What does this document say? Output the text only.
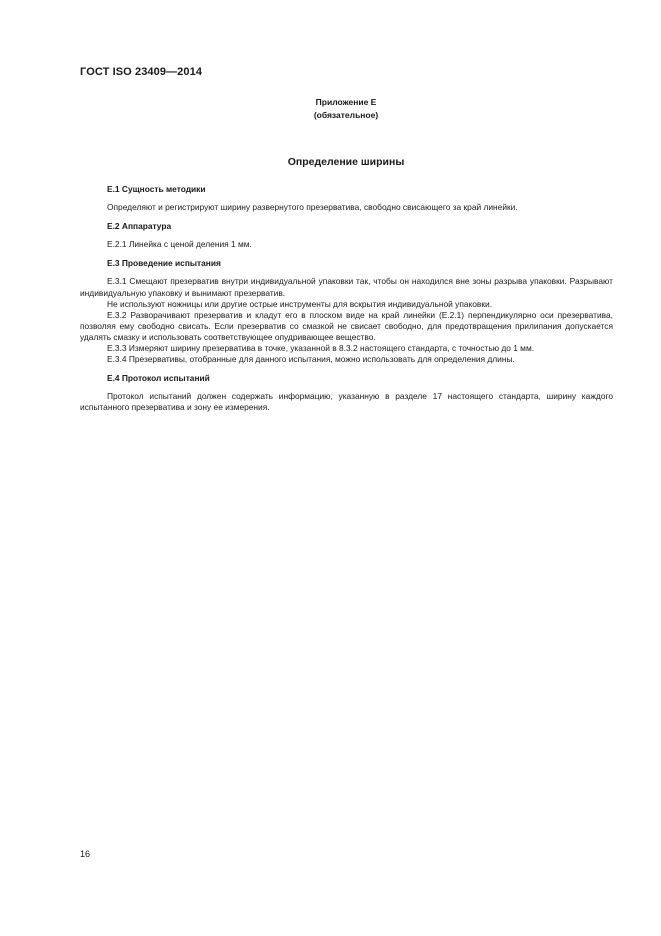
ГОСТ ISO 23409—2014
Приложение Е
(обязательное)
Определение ширины
Е.1 Сущность методики

Определяют и регистрируют ширину развернутого презерватива, свободно свисающего за край линейки.

Е.2 Аппаратура

Е.2.1 Линейка с ценой деления 1 мм.

Е.3 Проведение испытания

Е.3.1 Смещают презерватив внутри индивидуальной упаковки так, чтобы он находился вне зоны разрыва упаковки. Разрывают индивидуальную упаковку и вынимают презерватив.

Не используют ножницы или другие острые инструменты для вскрытия индивидуальной упаковки.

Е.3.2 Разворачивают презерватив и кладут его в плоском виде на край линейки (Е.2.1) перпендикулярно оси презерватива, позволяя ему свободно свисать. Если презерватив со смазкой не свисает свободно, для предотвращения прилипания допускается удалять смазку и использовать соответствующее опудривающее вещество.

Е.3.3 Измеряют ширину презерватива в точке, указанной в 8.3.2 настоящего стандарта, с точностью до 1 мм.

Е.3.4 Презервативы, отобранные для данного испытания, можно использовать для определения длины.

Е.4 Протокол испытаний

Протокол испытаний должен содержать информацию, указанную в разделе 17 настоящего стандарта, ширину каждого испытанного презерватива и зону ее измерения.

16
